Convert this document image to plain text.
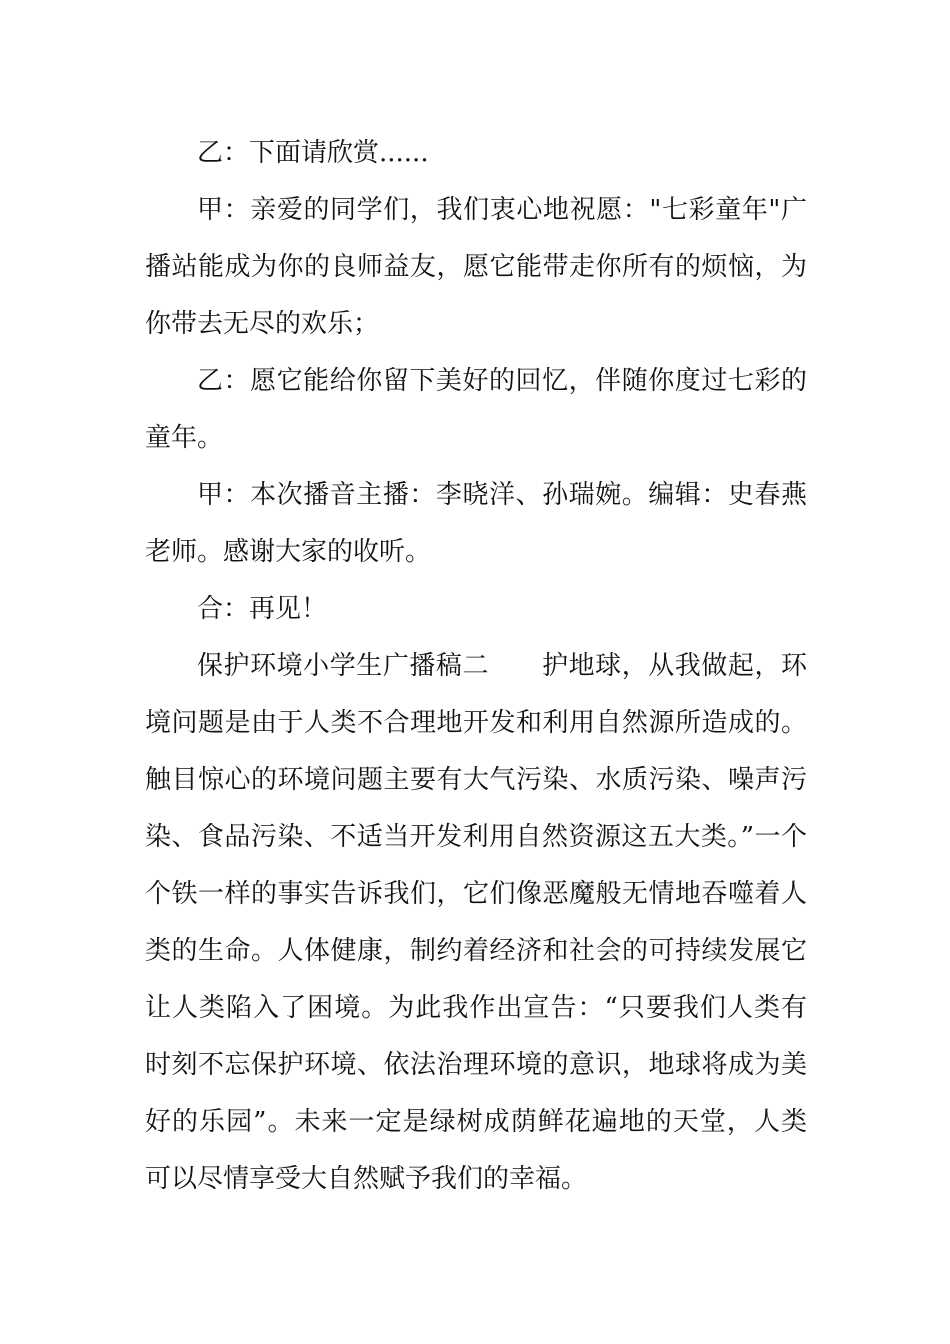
乙：下面请欣赏......

甲：亲爱的同学们，我们衷心地祝愿："七彩童年"广播站能成为你的良师益友，愿它能带走你所有的烦恼，为你带去无尽的欢乐；

乙：愿它能给你留下美好的回忆，伴随你度过七彩的童年。

甲：本次播音主播：李晓洋、孙瑞婉。编辑：史春燕老师。感谢大家的收听。

合：再见！

保护环境小学生广播稿二　　护地球，从我做起，环境问题是由于人类不合理地开发和利用自然源所造成的。触目惊心的环境问题主要有大气污染、水质污染、噪声污染、食品污染、不适当开发利用自然资源这五大类。”一个个铁一样的事实告诉我们，它们像恶魔般无情地吞噬着人类的生命。人体健康，制约着经济和社会的可持续发展它让人类陷入了困境。为此我作出宣告：“只要我们人类有时刻不忘保护环境、依法治理环境的意识，地球将成为美好的乐园”。未来一定是绿树成荫鲜花遍地的天堂，人类可以尽情享受大自然赋予我们的幸福。
